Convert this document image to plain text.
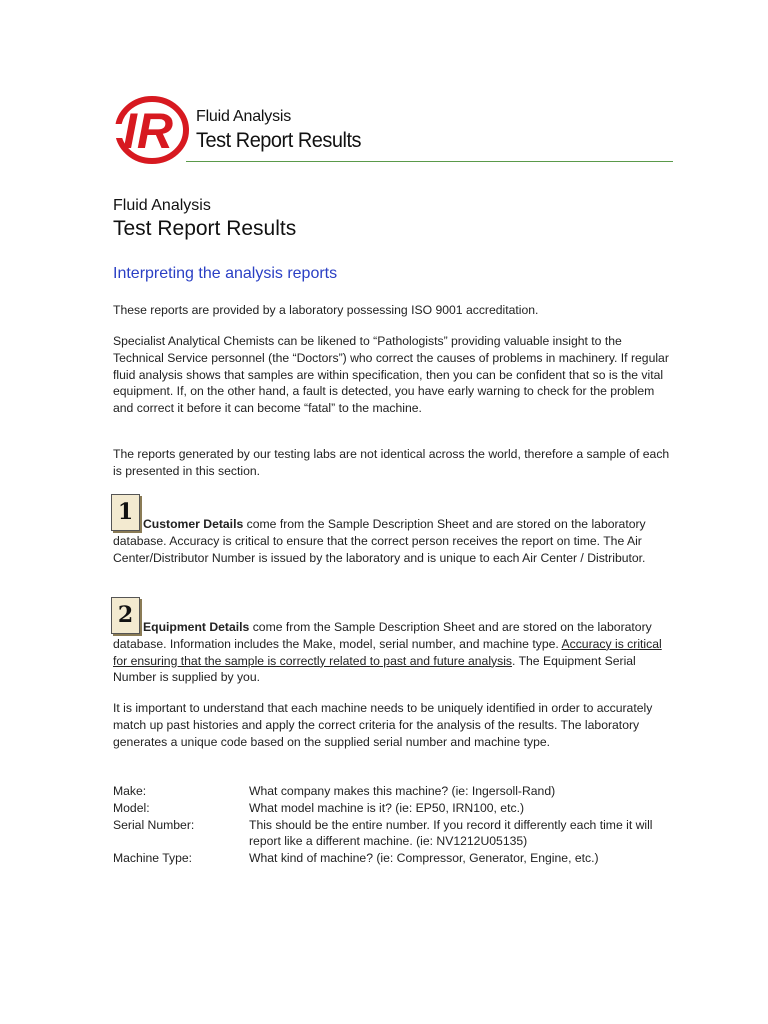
IR Fluid Analysis
Test Report Results
Fluid Analysis
Test Report Results
Interpreting the analysis reports
These reports are provided by a laboratory possessing ISO 9001 accreditation.
Specialist Analytical Chemists can be likened to “Pathologists” providing valuable insight to the Technical Service personnel (the “Doctors”) who correct the causes of problems in machinery. If regular fluid analysis shows that samples are within specification, then you can be confident that so is the vital equipment. If, on the other hand, a fault is detected, you have early warning to check for the problem and correct it before it can become “fatal” to the machine.
The reports generated by our testing labs are not identical across the world, therefore a sample of each is presented in this section.
1 Customer Details come from the Sample Description Sheet and are stored on the laboratory database. Accuracy is critical to ensure that the correct person receives the report on time. The Air Center/Distributor Number is issued by the laboratory and is unique to each Air Center / Distributor.
2 Equipment Details come from the Sample Description Sheet and are stored on the laboratory database. Information includes the Make, model, serial number, and machine type. Accuracy is critical for ensuring that the sample is correctly related to past and future analysis. The Equipment Serial Number is supplied by you.
It is important to understand that each machine needs to be uniquely identified in order to accurately match up past histories and apply the correct criteria for the analysis of the results. The laboratory generates a unique code based on the supplied serial number and machine type.
Make:	What company makes this machine? (ie: Ingersoll-Rand)
Model:	What model machine is it? (ie: EP50, IRN100, etc.)
Serial Number:	This should be the entire number. If you record it differently each time it will report like a different machine. (ie: NV1212U05135)
Machine Type:	What kind of machine? (ie: Compressor, Generator, Engine, etc.)
